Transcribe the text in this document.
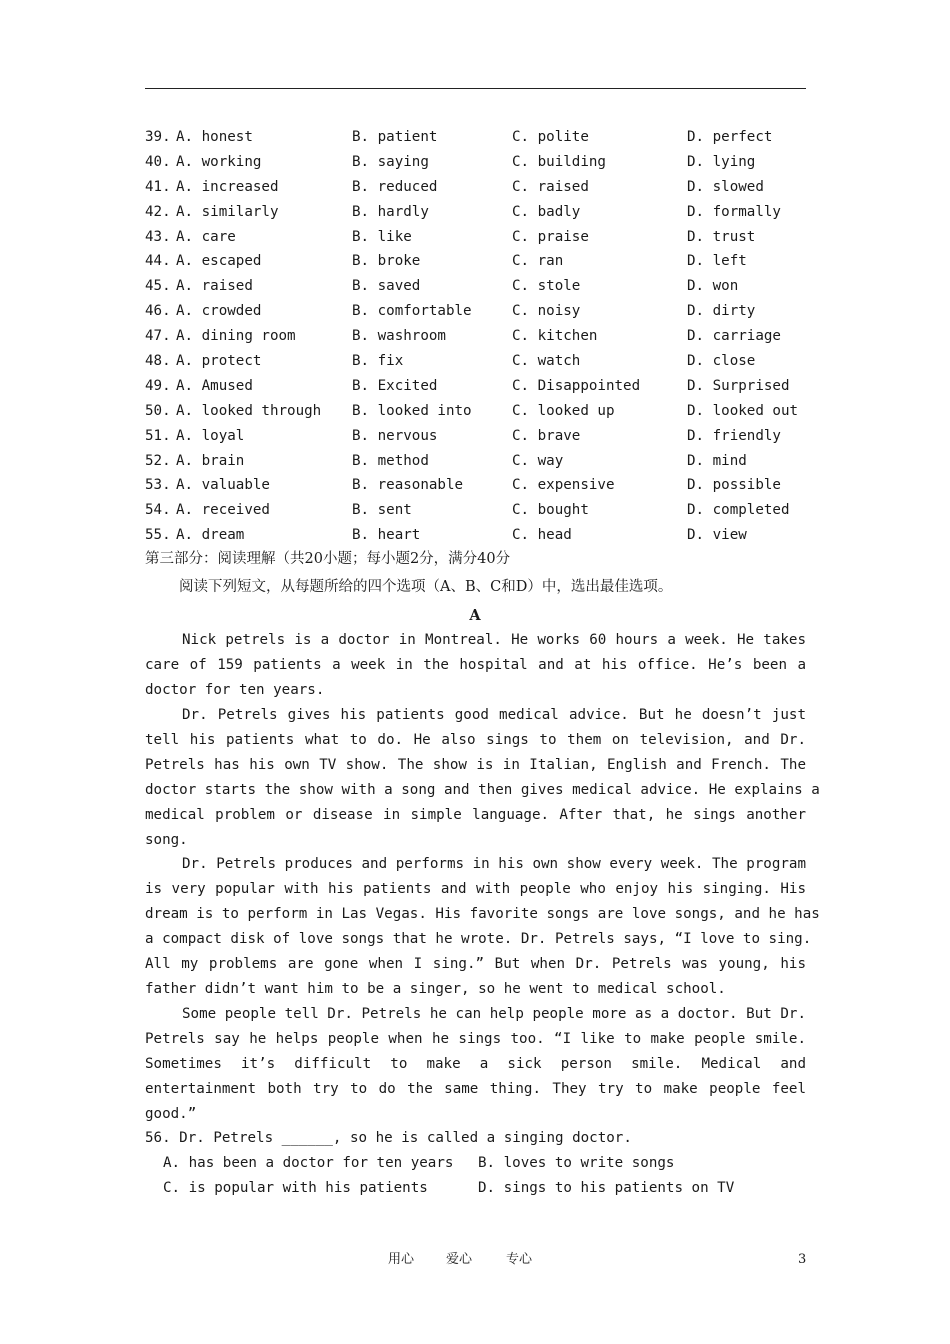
39. A. honest	B. patient	C. polite	D. perfect
40. A. working	B. saying	C. building	D. lying
41. A. increased	B. reduced	C. raised	D. slowed
42. A. similarly	B. hardly	C. badly	D. formally
43. A. care	B. like	C. praise	D. trust
44. A. escaped	B. broke	C. ran	D. left
45. A. raised	B. saved	C. stole	D. won
46. A. crowded	B. comfortable	C. noisy	D. dirty
47. A. dining room	B. washroom	C. kitchen	D. carriage
48. A. protect	B. fix	C. watch	D. close
49. A. Amused	B. Excited	C. Disappointed	D. Surprised
50. A. looked through B. looked into	C. looked up	D. looked out
51. A. loyal	B. nervous	C. brave	D. friendly
52. A. brain	B. method	C. way	D. mind
53. A. valuable	B. reasonable	C. expensive	D. possible
54. A. received	B. sent	C. bought	D. completed
55. A. dream	B. heart	C. head	D. view
第三部分：阅读理解（共20小题；每小题2分，满分40分
阅读下列短文，从每题所给的四个选项（A、B、C和D）中，选出最佳选项。
A
Nick petrels is a doctor in Montreal. He works 60 hours a week. He takes
care of 159 patients a week in the hospital and at his office. He’s been a
doctor for ten years.
Dr. Petrels gives his patients good medical advice. But he doesn’t just
tell his patients what to do. He also sings to them on television, and Dr.
Petrels has his own TV show. The show is in Italian, English and French. The
doctor starts the show with a song and then gives medical advice. He explains a
medical problem or disease in simple language. After that, he sings another
song.
Dr. Petrels produces and performs in his own show every week. The program
is very popular with his patients and with people who enjoy his singing. His
dream is to perform in Las Vegas. His favorite songs are love songs, and he has
a compact disk of love songs that he wrote. Dr. Petrels says, “I love to sing.
All my problems are gone when I sing.” But when Dr. Petrels was young, his
father didn’t want him to be a singer, so he went to medical school.
Some people tell Dr. Petrels he can help people more as a doctor. But Dr.
Petrels say he helps people when he sings too. “I like to make people smile.
Sometimes it’s difficult to make a sick person smile. Medical and
entertainment both try to do the same thing. They try to make people feel
good.”
56. Dr. Petrels ______, so he is called a singing doctor.
A. has been a doctor for ten years B. loves to write songs
C. is popular with his patients	D. sings to his patients on TV
用心 爱心	专心	3
